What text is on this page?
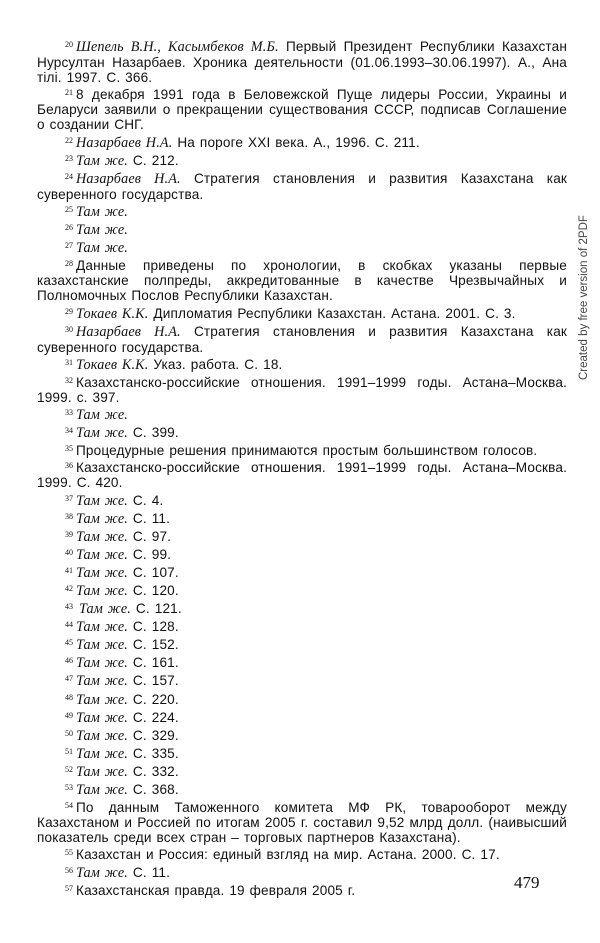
$^{20}$ Шепель В.Н., Касымбеков М.Б. Первый Президент Республики Казахстан Нурсултан Назарбаев. Хроника деятельности (01.06.1993–30.06.1997). А., Ана тілі. 1997. С. 366.

$^{21}$ 8 декабря 1991 года в Беловежской Пуще лидеры России, Украины и Беларуси заявили о прекращении существования СССР, подписав Соглашение о создании СНГ.

$^{22}$ Назарбаев Н.А. На пороге XXI века. А., 1996. С. 211.

$^{23}$ Там же. С. 212.

$^{24}$ Назарбаев Н.А. Стратегия становления и развития Казахстана как суверенного государства.

$^{25}$ Там же.

$^{26}$ Там же.

$^{27}$ Там же.

$^{28}$ Данные приведены по хронологии, в скобках указаны первые казахстанские полпреды, аккредитованные в качестве Чрезвычайных и Полномочных Послов Республики Казахстан.

$^{29}$ Токаев К.К. Дипломатия Республики Казахстан. Астана. 2001. С. 3.

$^{30}$ Назарбаев Н.А. Стратегия становления и развития Казахстана как суверенного государства.

$^{31}$ Токаев К.К. Указ. работа. С. 18.

$^{32}$ Казахстанско-российские отношения. 1991–1999 годы. Астана–Москва. 1999. с. 397.

$^{33}$ Там же.

$^{34}$ Там же. С. 399.

$^{35}$ Процедурные решения принимаются простым большинством голосов.

$^{36}$ Казахстанско-российские отношения. 1991–1999 годы. Астана–Москва. 1999. С. 420.

$^{37}$ Там же. С. 4.

$^{38}$ Там же. С. 11.

$^{39}$ Там же. С. 97.

$^{40}$ Там же. С. 99.

$^{41}$ Там же. С. 107.

$^{42}$ Там же. С. 120.

$^{43}$ Там же. С. 121.

$^{44}$ Там же. С. 128.

$^{45}$ Там же. С. 152.

$^{46}$ Там же. С. 161.

$^{47}$ Там же. С. 157.

$^{48}$ Там же. С. 220.

$^{49}$ Там же. С. 224.

$^{50}$ Там же. С. 329.

$^{51}$ Там же. С. 335.

$^{52}$ Там же. С. 332.

$^{53}$ Там же. С. 368.

$^{54}$ По данным Таможенного комитета МФ РК, товарооборот между Казахстаном и Россией по итогам 2005 г. составил 9,52 млрд долл. (наивысший показатель среди всех стран – торговых партнеров Казахстана).

$^{55}$ Казахстан и Россия: единый взгляд на мир. Астана. 2000. С. 17.

$^{56}$ Там же. С. 11.

$^{57}$ Казахстанская правда. 19 февраля 2005 г.	479
Created by free version of 2PDF
